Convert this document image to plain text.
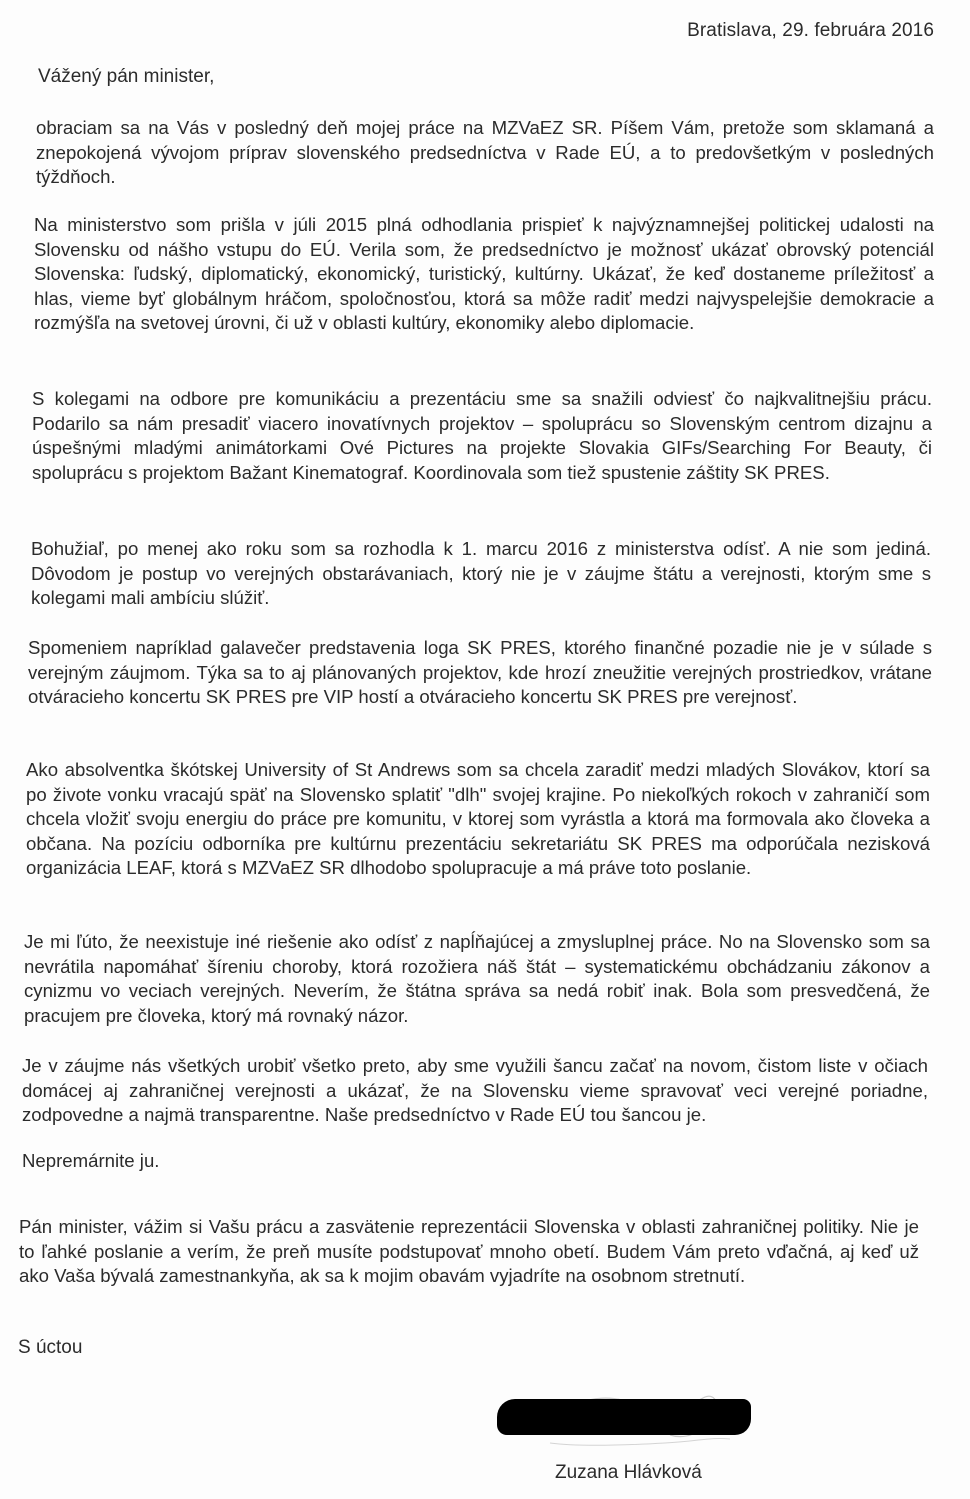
Bratislava, 29. februára 2016
Vážený pán minister,

obraciam sa na Vás v posledný deň mojej práce na MZVaEZ SR. Píšem Vám, pretože som sklamaná a znepokojená vývojom príprav slovenského predsedníctva v Rade EÚ, a to predovšetkým v posledných týždňoch.

Na ministerstvo som prišla v júli 2015 plná odhodlania prispieť k najvýznamnejšej politickej udalosti na Slovensku od nášho vstupu do EÚ. Verila som, že predsedníctvo je možnosť ukázať obrovský potenciál Slovenska: ľudský, diplomatický, ekonomický, turistický, kultúrny. Ukázať, že keď dostaneme príležitosť a hlas, vieme byť globálnym hráčom, spoločnosťou, ktorá sa môže radiť medzi najvyspelejšie demokracie a rozmýšľa na svetovej úrovni, či už v oblasti kultúry, ekonomiky alebo diplomacie.

S kolegami na odbore pre komunikáciu a prezentáciu sme sa snažili odviesť čo najkvalitnejšiu prácu. Podarilo sa nám presadiť viacero inovatívnych projektov – spoluprácu so Slovenským centrom dizajnu a úspešnými mladými animátorkami Ové Pictures na projekte Slovakia GIFs/Searching For Beauty, či spoluprácu s projektom Bažant Kinematograf. Koordinovala som tiež spustenie záštity SK PRES.

Bohužiaľ, po menej ako roku som sa rozhodla k 1. marcu 2016 z ministerstva odísť. A nie som jediná. Dôvodom je postup vo verejných obstarávaniach, ktorý nie je v záujme štátu a verejnosti, ktorým sme s kolegami mali ambíciu slúžiť.

Spomeniem napríklad galavečer predstavenia loga SK PRES, ktorého finančné pozadie nie je v súlade s verejným záujmom. Týka sa to aj plánovaných projektov, kde hrozí zneužitie verejných prostriedkov, vrátane otváracieho koncertu SK PRES pre VIP hostí a otváracieho koncertu SK PRES pre verejnosť.

Ako absolventka škótskej University of St Andrews som sa chcela zaradiť medzi mladých Slovákov, ktorí sa po živote vonku vracajú späť na Slovensko splatiť "dlh" svojej krajine. Po niekoľkých rokoch v zahraničí som chcela vložiť svoju energiu do práce pre komunitu, v ktorej som vyrástla a ktorá ma formovala ako človeka a občana. Na pozíciu odborníka pre kultúrnu prezentáciu sekretariátu SK PRES ma odporúčala nezisková organizácia LEAF, ktorá s MZVaEZ SR dlhodobo spolupracuje a má práve toto poslanie.

Je mi ľúto, že neexistuje iné riešenie ako odísť z napĺňajúcej a zmysluplnej práce. No na Slovensko som sa nevrátila napomáhať šíreniu choroby, ktorá rozožiera náš štát – systematickému obchádzaniu zákonov a cynizmu vo veciach verejných. Neverím, že štátna správa sa nedá robiť inak. Bola som presvedčená, že pracujem pre človeka, ktorý má rovnaký názor.

Je v záujme nás všetkých urobiť všetko preto, aby sme využili šancu začať na novom, čistom liste v očiach domácej aj zahraničnej verejnosti a ukázať, že na Slovensku vieme spravovať veci verejné poriadne, zodpovedne a najmä transparentne. Naše predsedníctvo v Rade EÚ tou šancou je.

Nepremárnite ju.

Pán minister, vážim si Vašu prácu a zasvätenie reprezentácii Slovenska v oblasti zahraničnej politiky. Nie je to ľahké poslanie a verím, že preň musíte podstupovať mnoho obetí. Budem Vám preto vďačná, aj keď už ako Vaša bývalá zamestnankyňa, ak sa k mojim obavám vyjadríte na osobnom stretnutí.

S úctou
Zuzana Hlávková
